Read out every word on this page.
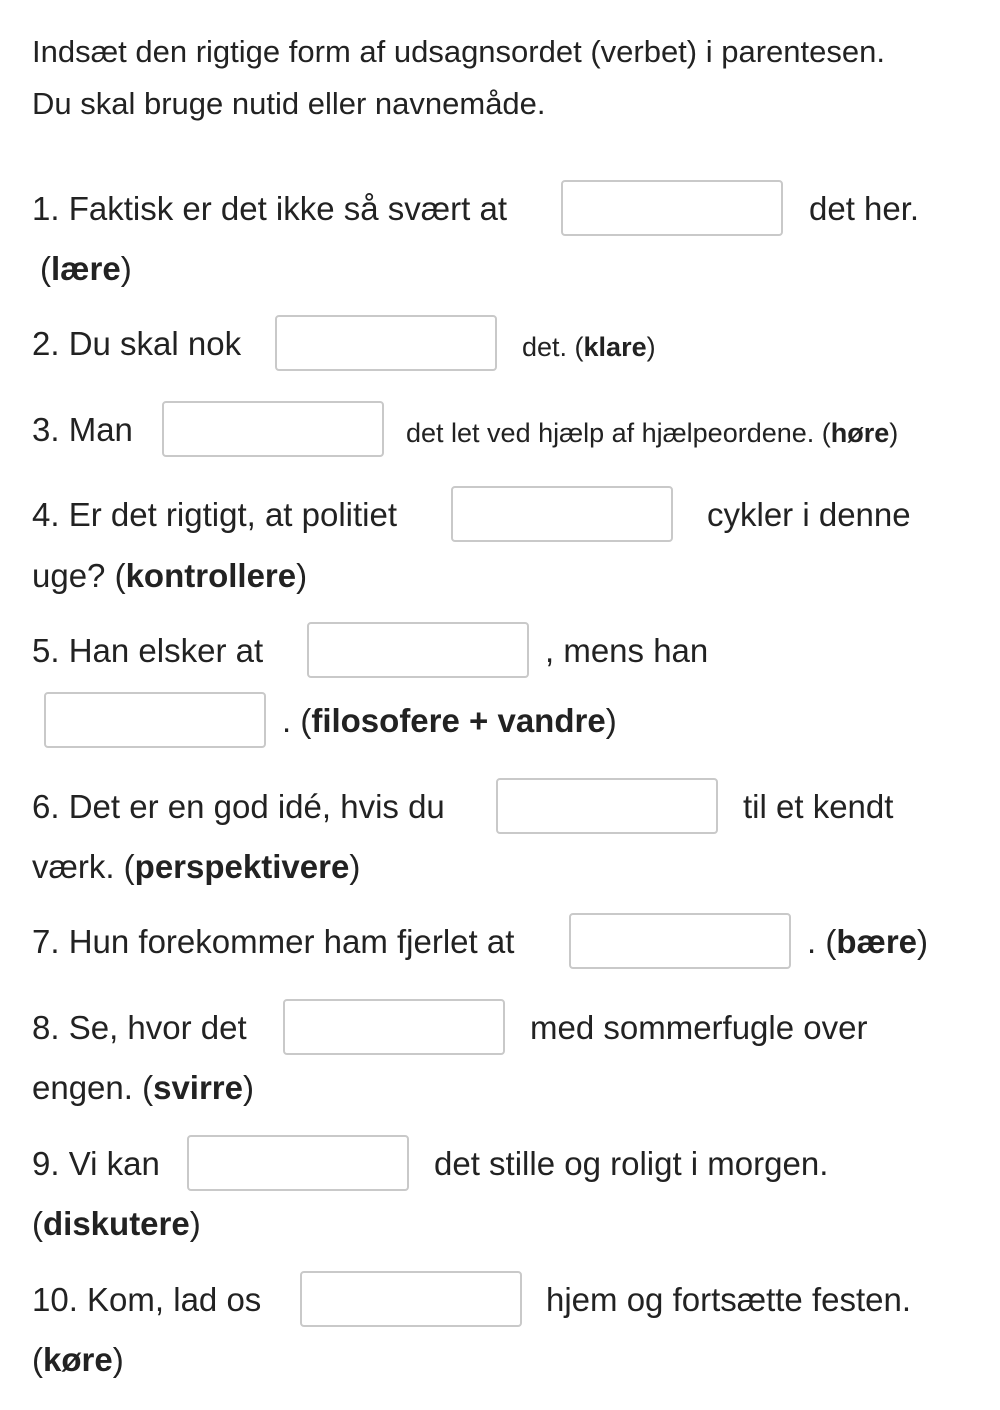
Indsæt den rigtige form af udsagnsordet (verbet) i parentesen. Du skal bruge nutid eller navnemåde.

1. Faktisk er det ikke så svært at	det her.
(lære)
2. Du skal nok	det. (klare)
3. Man	det let ved hjælp af hjælpeordene. (høre)
4. Er det rigtigt, at politiet	cykler i denne
uge? (kontrollere)
5. Han elsker at	, mens han
. (filosofere + vandre)
6. Det er en god idé, hvis du	til et kendt
værk. (perspektivere)
7. Hun forekommer ham fjerlet at	. (bære)
8. Se, hvor det	med sommerfugle over
engen. (svirre)
9. Vi kan	det stille og roligt i morgen.
(diskutere)
10. Kom, lad os	hjem og fortsætte festen.
(køre)
